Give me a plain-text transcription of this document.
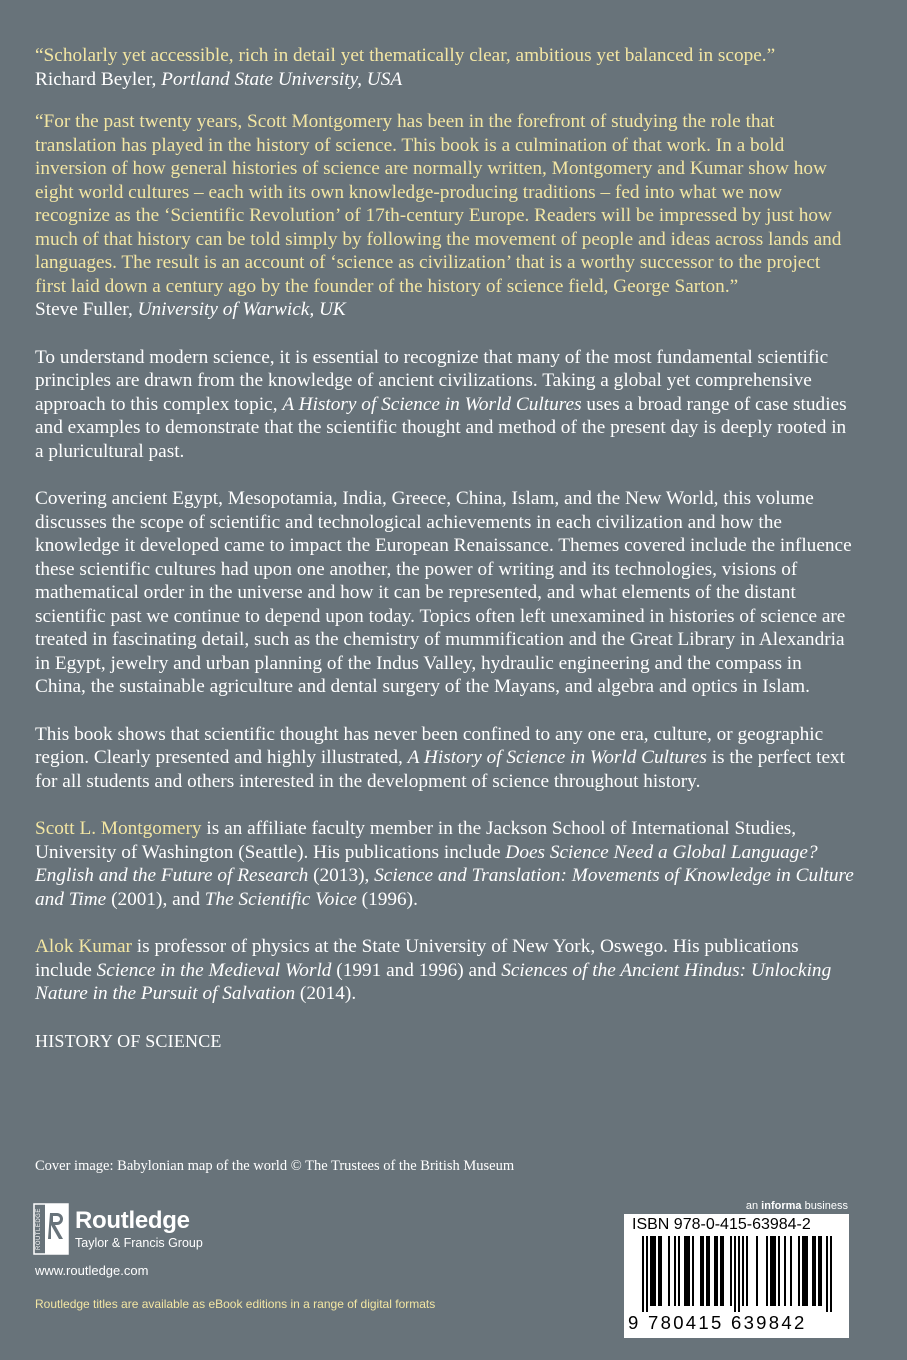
“Scholarly yet accessible, rich in detail yet thematically clear, ambitious yet balanced in scope.”

Richard Beyler, Portland State University, USA

“For the past twenty years, Scott Montgomery has been in the forefront of studying the role that translation has played in the history of science. This book is a culmination of that work. In a bold inversion of how general histories of science are normally written, Montgomery and Kumar show how eight world cultures – each with its own knowledge-producing traditions – fed into what we now recognize as the ‘Scientific Revolution’ of 17th-century Europe. Readers will be impressed by just how much of that history can be told simply by following the movement of people and ideas across lands and languages. The result is an account of ‘science as civilization’ that is a worthy successor to the project first laid down a century ago by the founder of the history of science field, George Sarton.”

Steve Fuller, University of Warwick, UK

To understand modern science, it is essential to recognize that many of the most fundamental scientific principles are drawn from the knowledge of ancient civilizations. Taking a global yet comprehensive approach to this complex topic, A History of Science in World Cultures uses a broad range of case studies and examples to demonstrate that the scientific thought and method of the present day is deeply rooted in a pluricultural past.

Covering ancient Egypt, Mesopotamia, India, Greece, China, Islam, and the New World, this volume discusses the scope of scientific and technological achievements in each civilization and how the knowledge it developed came to impact the European Renaissance. Themes covered include the influence these scientific cultures had upon one another, the power of writing and its technologies, visions of mathematical order in the universe and how it can be represented, and what elements of the distant scientific past we continue to depend upon today. Topics often left unexamined in histories of science are treated in fascinating detail, such as the chemistry of mummification and the Great Library in Alexandria in Egypt, jewelry and urban planning of the Indus Valley, hydraulic engineering and the compass in China, the sustainable agriculture and dental surgery of the Mayans, and algebra and optics in Islam.

This book shows that scientific thought has never been confined to any one era, culture, or geographic region. Clearly presented and highly illustrated, A History of Science in World Cultures is the perfect text for all students and others interested in the development of science throughout history.

Scott L. Montgomery is an affiliate faculty member in the Jackson School of International Studies, University of Washington (Seattle). His publications include Does Science Need a Global Language? English and the Future of Research (2013), Science and Translation: Movements of Knowledge in Culture and Time (2001), and The Scientific Voice (1996).

Alok Kumar is professor of physics at the State University of New York, Oswego. His publications include Science in the Medieval World (1991 and 1996) and Sciences of the Ancient Hindus: Unlocking Nature in the Pursuit of Salvation (2014).

HISTORY OF SCIENCE

Cover image: Babylonian map of the world © The Trustees of the British Museum
ROUTLEDGE Routledge
Taylor & Francis Group
www.routledge.com
Routledge titles are available as eBook editions in a range of digital formats
an informa business
ISBN 978-0-415-63984-2
9 780415 639842
